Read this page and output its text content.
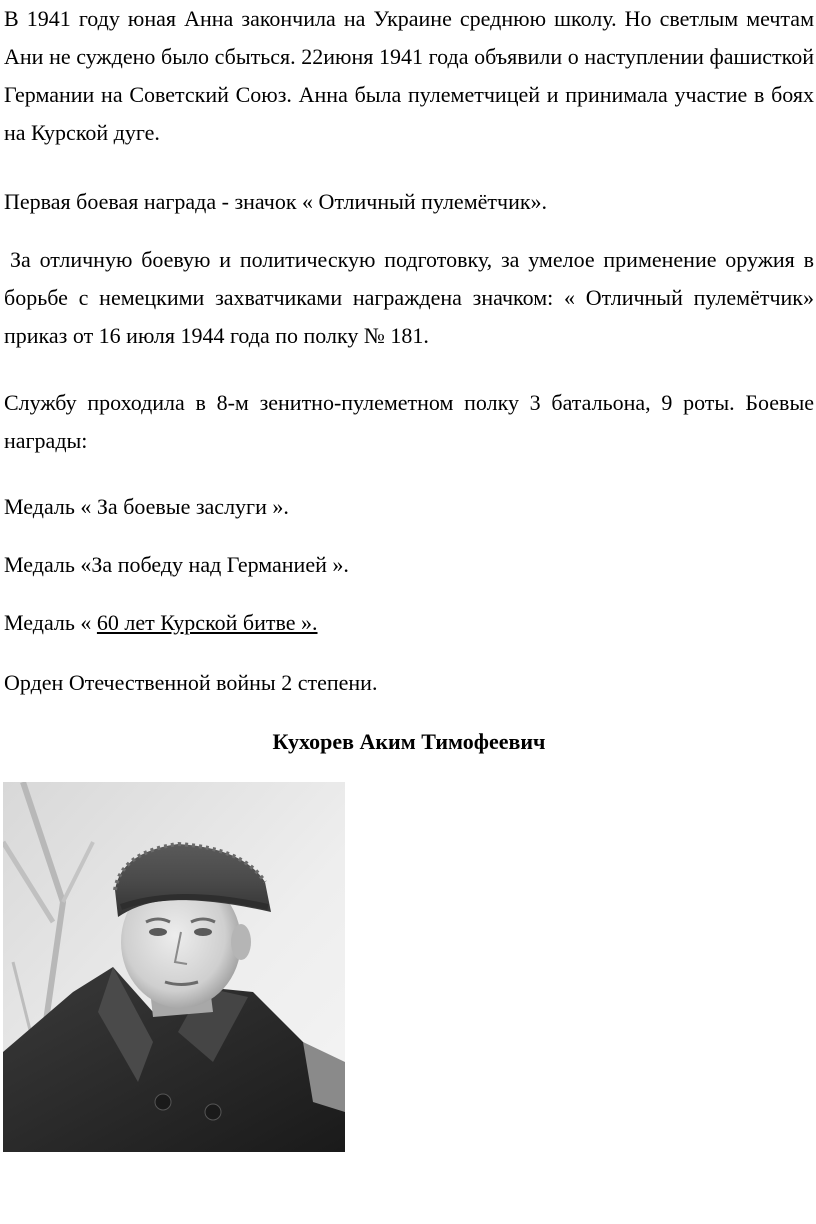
В 1941 году юная Анна закончила на Украине среднюю школу. Но светлым мечтам Ани не суждено было сбыться. 22июня 1941 года объявили о наступлении фашисткой Германии на Советский Союз. Анна была пулеметчицей и принимала участие в боях на Курской дуге.

Первая боевая награда - значок « Отличный пулемётчик».

За отличную боевую и политическую подготовку, за умелое применение оружия в борьбе с немецкими захватчиками награждена значком: « Отличный пулемётчик» приказ от 16 июля 1944 года по полку № 181.

Службу проходила в 8-м зенитно-пулеметном полку 3 батальона, 9 роты. Боевые награды:

Медаль « За боевые заслуги ».

Медаль «За победу над Германией ».

Медаль « 60 лет Курской битве ».

Орден Отечественной войны 2 степени.

Кухорев Аким Тимофеевич
